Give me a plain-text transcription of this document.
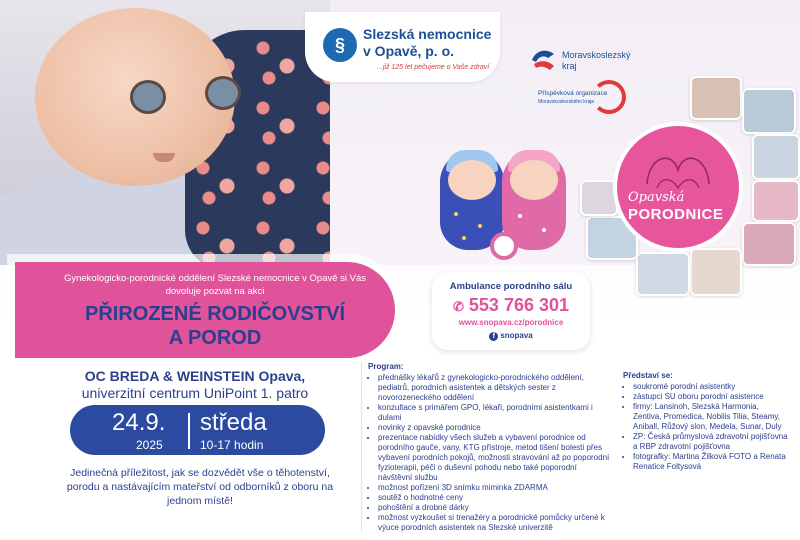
§
Slezská nemocnice v Opavě, p. o.
...již 125 let pečujeme o Vaše zdraví
Moravskoslezský
kraj
Příspěvková organizace
Moravskoslezského kraje
Opavská
PORODNICE
Gynekologicko-porodnické oddělení Slezské nemocnice v Opavě si Vás dovoluje pozvat na akci
PŘIROZENÉ RODIČOVSTVÍ
A POROD
Ambulance porodního sálu
✆ 553 766 301
www.snopava.cz/porodnice
f snopava
OC BREDA & WEINSTEIN Opava,
univerzitní centrum UniPoint 1. patro
24.9.
2025
středa
10-17 hodin
Jedinečná příležitost, jak se dozvědět vše o těhotenství, porodu a nastávajícím mateřství od odborníků z oboru na jednom místě!
Program:
• přednášky lékařů z gynekologicko-porodnického oddělení, pediatrů, porodních asistentek a dětských sester z novorozeneckého oddělení
• konzultace s primářem GPO, lékaři, porodními asistentkami i dulami
• novinky z opavské porodnice
• prezentace nabídky všech služeb a vybavení porodnice od porodního gauče, vany, KTG přístroje, metod tišení bolesti přes vybavení porodních pokojů, možnosti stravování až po poporodní fyzioterapii, péči o duševní pohodu nebo také poporodní návštěvní službu
• možnost pořízení 3D snímku miminka ZDARMA
• soutěž o hodnotné ceny
• pohoštění a drobné dárky
• možnost vyzkoušet si trenažéry a porodnické pomůcky určené k výuce porodních asistentek na Slezské univerzitě
Představí se:
• soukromé porodní asistentky
• zástupci SU oboru porodní asistence
• firmy: Lansinoh, Slezská Harmonia, Zentiva, Promedica, Nobilis Tilia, Steamy, Aniball, Růžový slon, Medela, Sunar, Duly
• ZP: Česká průmyslová zdravotní pojišťovna a RBP zdravotní pojišťovna
• fotografky: Martina Žilková FOTO a Renata Renatice Foltysová
